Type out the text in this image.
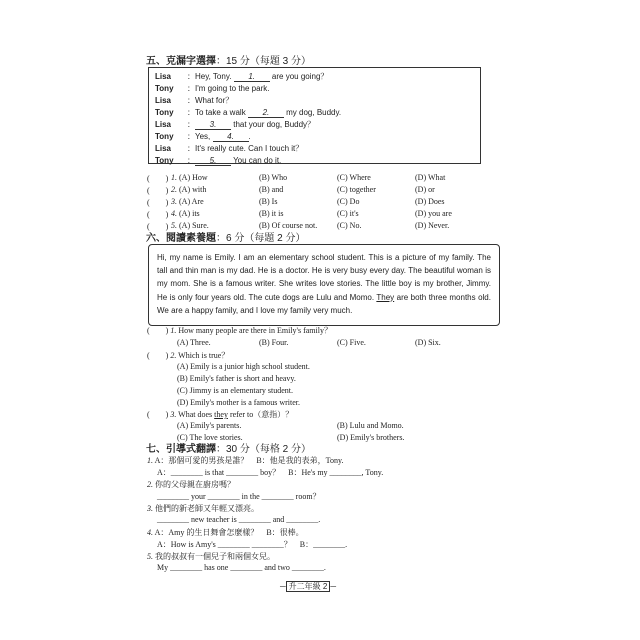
五、克漏字選擇：15 分（每題 3 分）
Lisa ：Hey, Tony. 1. are you going？
Tony ：I'm going to the park.
Lisa ：What for？
Tony ：To take a walk 2. my dog, Buddy.
Lisa ： 3. that your dog, Buddy？
Tony ：Yes, 4. .
Lisa ：It's really cute. Can I touch it？
Tony ： 5. You can do it.
(　　) 1. (A) How	(B) Who	(C) Where	(D) What
(　　) 2. (A) with	(B) and	(C) together	(D) or
(　　) 3. (A) Are	(B) Is	(C) Do	(D) Does
(　　) 4. (A) its	(B) it is	(C) it's	(D) you are
(　　) 5. (A) Sure.	(B) Of course not. (C) No.	(D) Never.
六、閱讀素養題：6 分（每題 2 分）

Hi, my name is Emily. I am an elementary school student. This is a picture of my family. The tall and thin man is my dad. He is a doctor. He is very busy every day. The beautiful woman is my mom. She is a famous writer. She writes love stories. The little boy is my brother, Jimmy. He is only four years old. The cute dogs are Lulu and Momo. They are both three months old. We are a happy family, and I love my family very much.

(　　) 1. How many people are there in Emily's family？
(A) Three.	(B) Four.	(C) Five.	(D) Six.
(　　) 2. Which is true？
(A) Emily is a junior high school student.
(B) Emily's father is short and heavy.
(C) Jimmy is an elementary student.
(D) Emily's mother is a famous writer.
(　　) 3. What does they refer to（意指）？
(A) Emily's parents.	(B) Lulu and Momo.
(C) The love stories.	(D) Emily's brothers.
七、引導式翻譯：30 分（每格 2 分）
1. A：那個可愛的男孩是誰？　B：他是我的表弟，Tony.
A：________ is that ________ boy？　B：He's my ________, Tony.
2. 你的父母親在廚房嗎？
________ your ________ in the ________ room？
3. 他們的新老師又年輕又漂亮。
________ new teacher is ________ and ________.
4. A：Amy 的生日舞會怎麼樣？　B：很棒。
A：How is Amy's ________ ________？　B：________.
5. 我的叔叔有一個兒子和兩個女兒。
My ________ has one ________ and two ________.
─ 升二年級 2 ─
